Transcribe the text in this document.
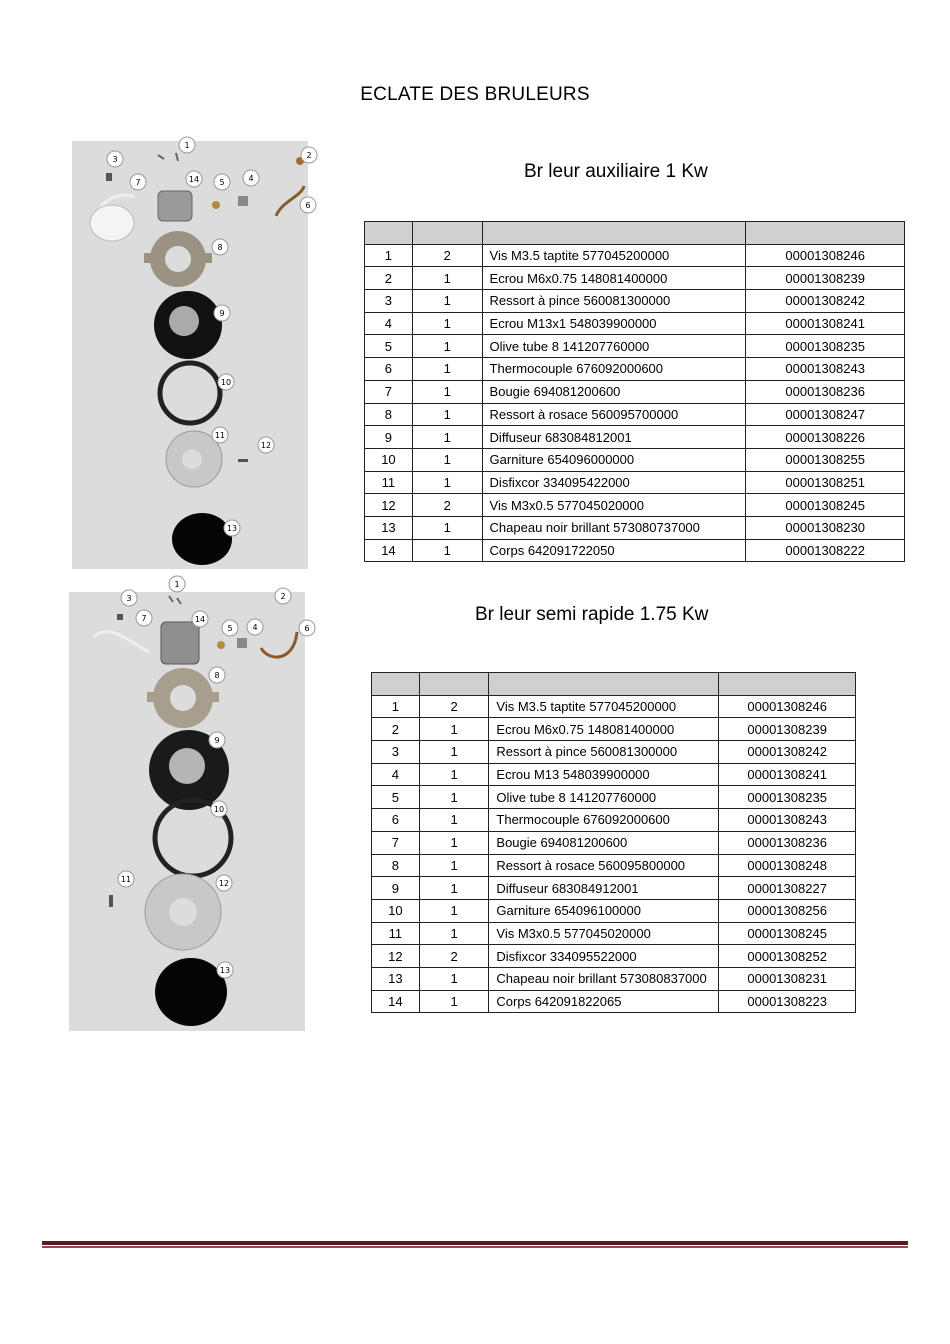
ECLATE DES BRULEURS
Br leur auxiliaire 1 Kw
1
2
3
4
5
6
7
8
9
10
11
12
13
14

1	2	Vis M3.5 taptite 577045200000	00001308246
2	1	Ecrou M6x0.75 148081400000	00001308239
3	1	Ressort à pince 560081300000	00001308242
4	1	Ecrou M13x1 548039900000	00001308241
5	1	Olive tube 8 141207760000	00001308235
6	1	Thermocouple 676092000600	00001308243
7	1	Bougie 694081200600	00001308236
8	1	Ressort à rosace 560095700000	00001308247
9	1	Diffuseur 683084812001	00001308226
10	1	Garniture 654096000000	00001308255
11	1	Disfixcor 334095422000	00001308251
12	2	Vis M3x0.5 577045020000	00001308245
13	1	Chapeau noir brillant 573080737000	00001308230
14	1	Corps 642091722050	00001308222
Br leur semi rapide 1.75 Kw
1
2
3
4
5	6
7
8
9
10
11	12
13
14

1	2	Vis M3.5 taptite 577045200000	00001308246
2	1	Ecrou M6x0.75 148081400000	00001308239
3	1	Ressort à pince 560081300000	00001308242
4	1	Ecrou M13 548039900000	00001308241
5	1	Olive tube 8 141207760000	00001308235
6	1	Thermocouple 676092000600	00001308243
7	1	Bougie 694081200600	00001308236
8	1	Ressort à rosace 560095800000	00001308248
9	1	Diffuseur 683084912001	00001308227
10	1	Garniture 654096100000	00001308256
11	1	Vis M3x0.5 577045020000	00001308245
12	2	Disfixcor 334095522000	00001308252
13	1	Chapeau noir brillant 573080837000	00001308231
14	1	Corps 642091822065	00001308223
